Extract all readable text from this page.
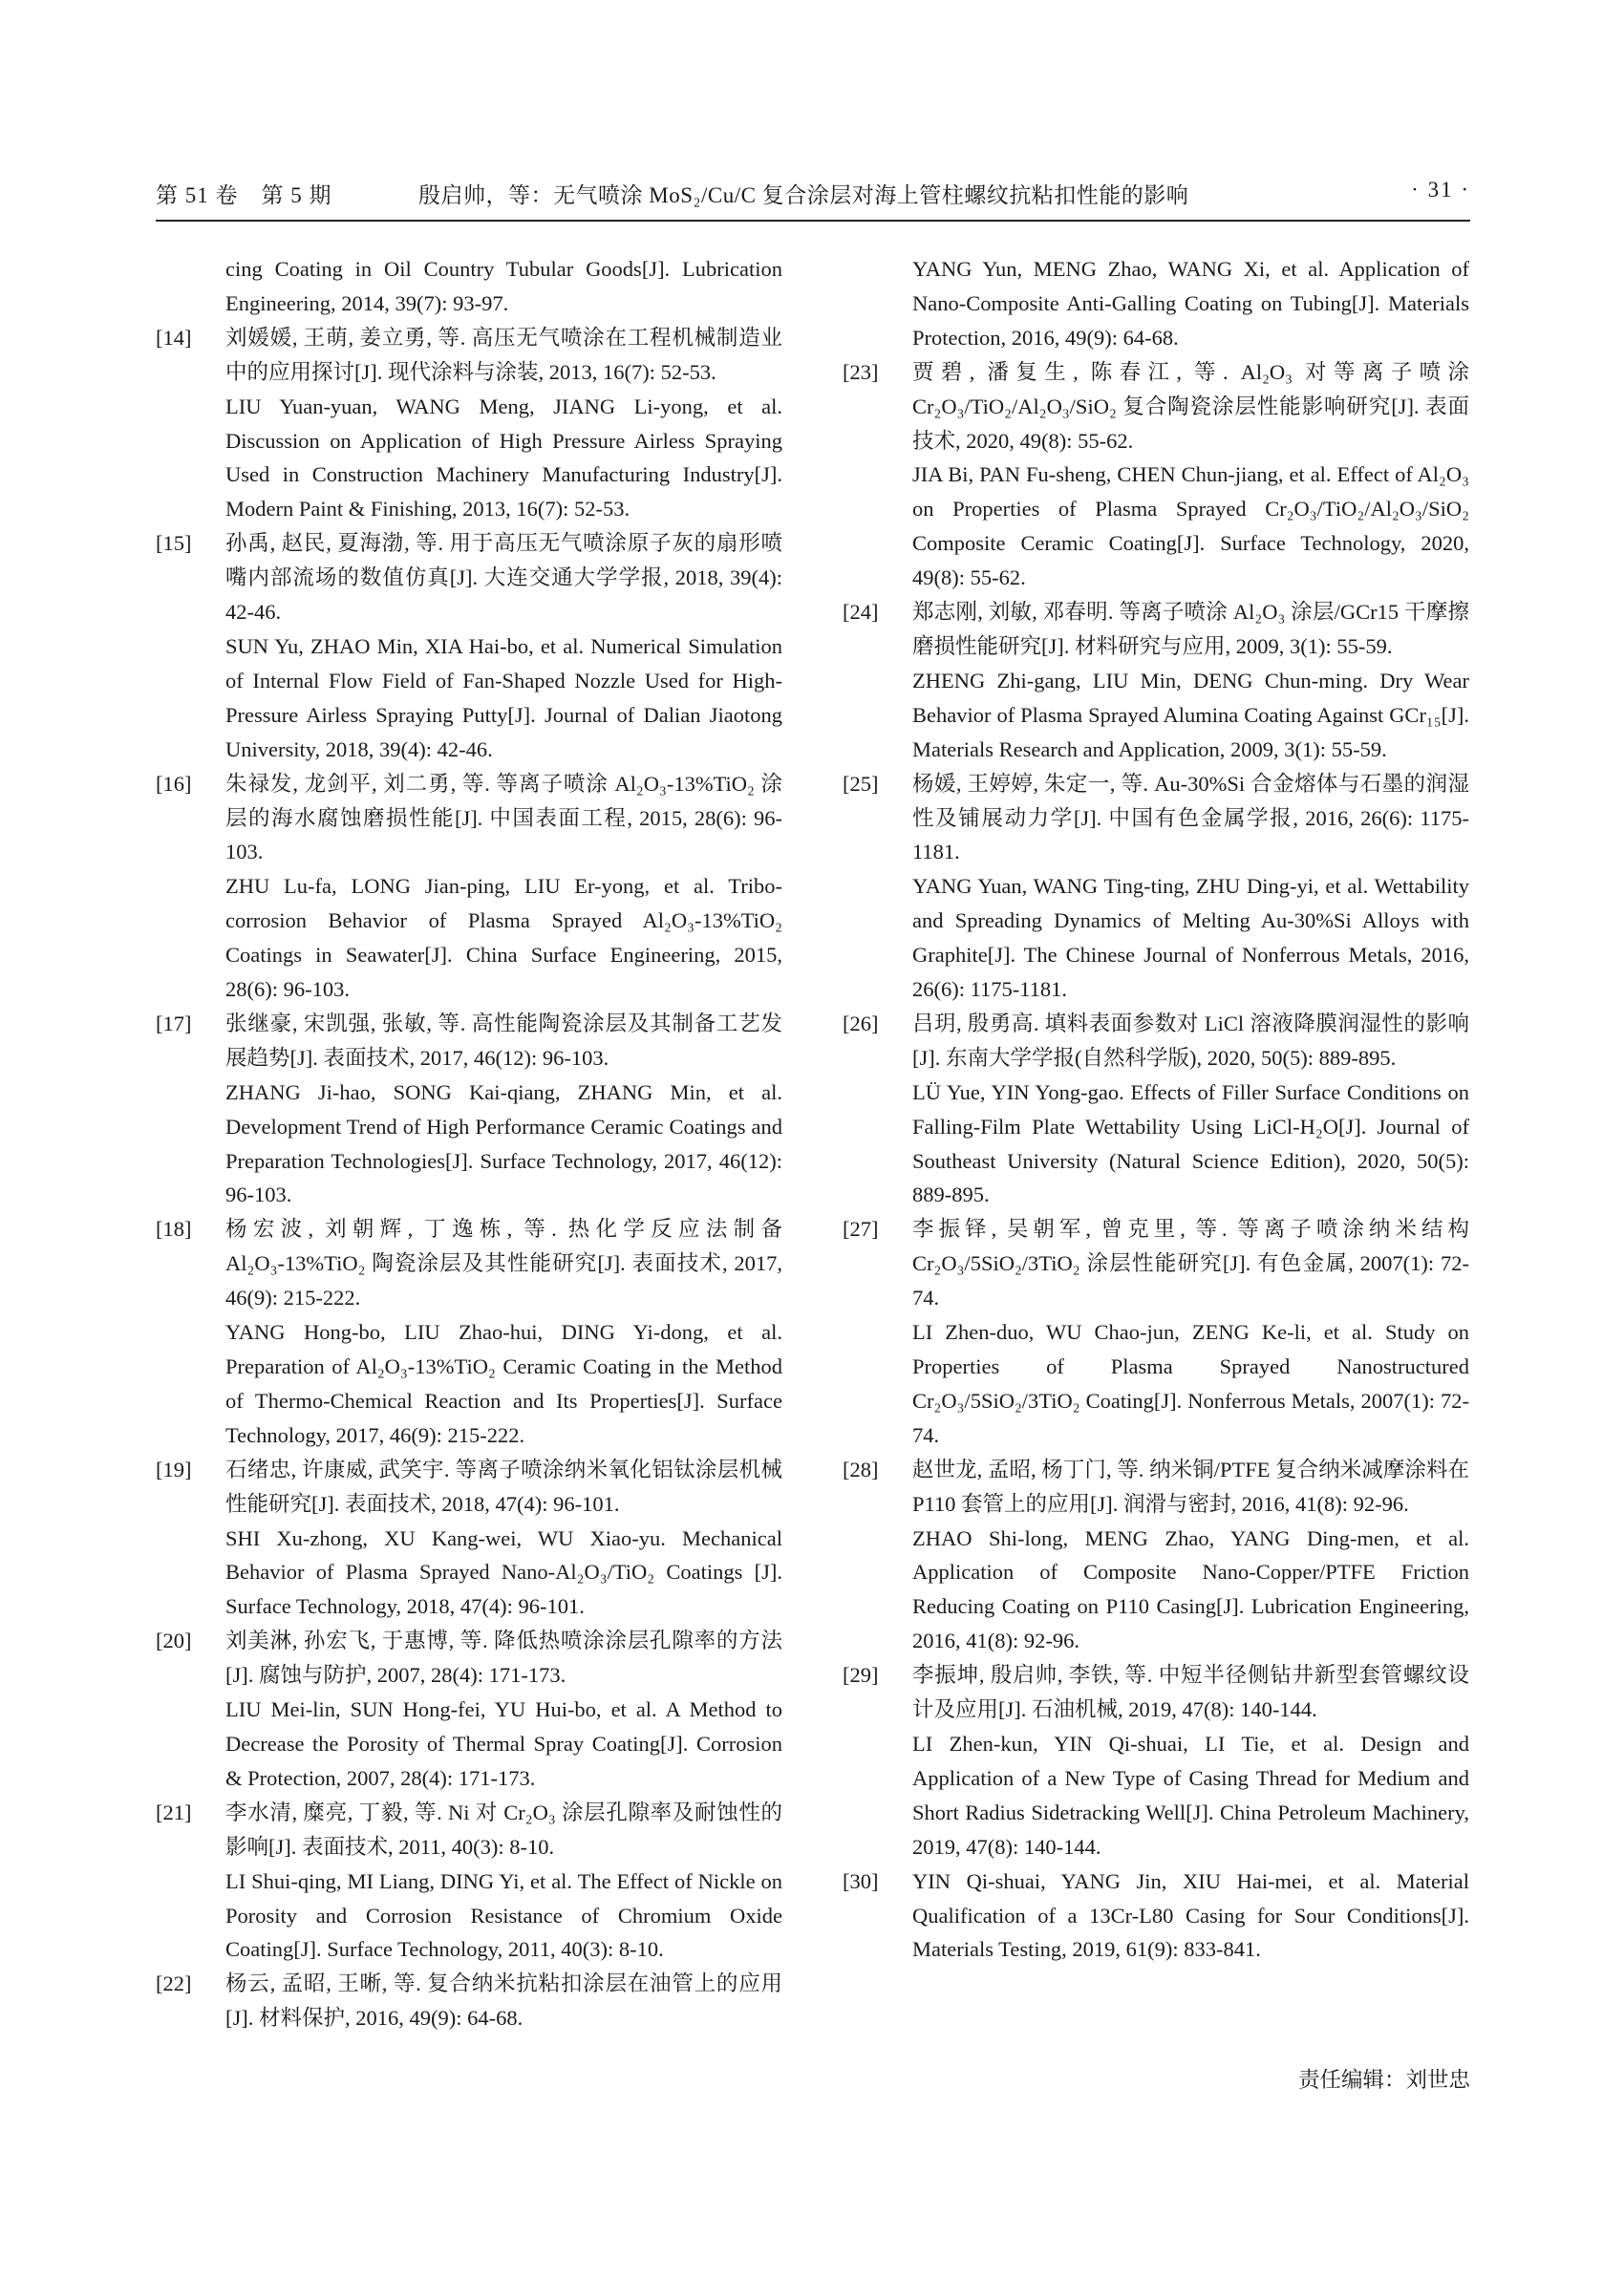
第 51 卷　第 5 期	殷启帅，等：无气喷涂 MoS₂/Cu/C 复合涂层对海上管柱螺纹抗粘扣性能的影响	· 31 ·

cing Coating in Oil Country Tubular Goods[J]. Lubrication Engineering, 2014, 39(7): 93-97.

[14] 刘媛媛, 王萌, 姜立勇, 等. 高压无气喷涂在工程机械制造业中的应用探讨[J]. 现代涂料与涂装, 2013, 16(7): 52-53.

LIU Yuan-yuan, WANG Meng, JIANG Li-yong, et al. Discussion on Application of High Pressure Airless Spraying Used in Construction Machinery Manufacturing Industry[J]. Modern Paint & Finishing, 2013, 16(7): 52-53.

[15] 孙禹, 赵民, 夏海渤, 等. 用于高压无气喷涂原子灰的扇形喷嘴内部流场的数值仿真[J]. 大连交通大学学报, 2018, 39(4): 42-46.

SUN Yu, ZHAO Min, XIA Hai-bo, et al. Numerical Simulation of Internal Flow Field of Fan-Shaped Nozzle Used for High-Pressure Airless Spraying Putty[J]. Journal of Dalian Jiaotong University, 2018, 39(4): 42-46.

[16] 朱禄发, 龙剑平, 刘二勇, 等. 等离子喷涂 Al₂O₃-13%TiO₂ 涂层的海水腐蚀磨损性能[J]. 中国表面工程, 2015, 28(6): 96-103.

ZHU Lu-fa, LONG Jian-ping, LIU Er-yong, et al. Tribo-corrosion Behavior of Plasma Sprayed Al₂O₃-13%TiO₂ Coatings in Seawater[J]. China Surface Engineering, 2015, 28(6): 96-103.

[17] 张继豪, 宋凯强, 张敏, 等. 高性能陶瓷涂层及其制备工艺发展趋势[J]. 表面技术, 2017, 46(12): 96-103.

ZHANG Ji-hao, SONG Kai-qiang, ZHANG Min, et al. Development Trend of High Performance Ceramic Coatings and Preparation Technologies[J]. Surface Technology, 2017, 46(12): 96-103.

[18] 杨宏波, 刘朝辉, 丁逸栋, 等. 热化学反应法制备 Al₂O₃-13%TiO₂ 陶瓷涂层及其性能研究[J]. 表面技术, 2017, 46(9): 215-222.

YANG Hong-bo, LIU Zhao-hui, DING Yi-dong, et al. Preparation of Al₂O₃-13%TiO₂ Ceramic Coating in the Method of Thermo-Chemical Reaction and Its Properties[J]. Surface Technology, 2017, 46(9): 215-222.

[19] 石绪忠, 许康威, 武笑宇. 等离子喷涂纳米氧化铝钛涂层机械性能研究[J]. 表面技术, 2018, 47(4): 96-101.

SHI Xu-zhong, XU Kang-wei, WU Xiao-yu. Mechanical Behavior of Plasma Sprayed Nano-Al₂O₃/TiO₂ Coatings [J]. Surface Technology, 2018, 47(4): 96-101.

[20] 刘美淋, 孙宏飞, 于惠博, 等. 降低热喷涂涂层孔隙率的方法[J]. 腐蚀与防护, 2007, 28(4): 171-173.

LIU Mei-lin, SUN Hong-fei, YU Hui-bo, et al. A Method to Decrease the Porosity of Thermal Spray Coating[J]. Corrosion & Protection, 2007, 28(4): 171-173.

[21] 李水清, 糜亮, 丁毅, 等. Ni 对 Cr₂O₃ 涂层孔隙率及耐蚀性的影响[J]. 表面技术, 2011, 40(3): 8-10.

LI Shui-qing, MI Liang, DING Yi, et al. The Effect of Nickle on Porosity and Corrosion Resistance of Chromium Oxide Coating[J]. Surface Technology, 2011, 40(3): 8-10.

[22] 杨云, 孟昭, 王晰, 等. 复合纳米抗粘扣涂层在油管上的应用[J]. 材料保护, 2016, 49(9): 64-68.

YANG Yun, MENG Zhao, WANG Xi, et al. Application of Nano-Composite Anti-Galling Coating on Tubing[J]. Materials Protection, 2016, 49(9): 64-68.

[23] 贾碧, 潘复生, 陈春江, 等. Al₂O₃ 对等离子喷涂 Cr₂O₃/TiO₂/Al₂O₃/SiO₂ 复合陶瓷涂层性能影响研究[J]. 表面技术, 2020, 49(8): 55-62.

JIA Bi, PAN Fu-sheng, CHEN Chun-jiang, et al. Effect of Al₂O₃ on Properties of Plasma Sprayed Cr₂O₃/TiO₂/Al₂O₃/SiO₂ Composite Ceramic Coating[J]. Surface Technology, 2020, 49(8): 55-62.

[24] 郑志刚, 刘敏, 邓春明. 等离子喷涂 Al₂O₃ 涂层/GCr15 干摩擦磨损性能研究[J]. 材料研究与应用, 2009, 3(1): 55-59.

ZHENG Zhi-gang, LIU Min, DENG Chun-ming. Dry Wear Behavior of Plasma Sprayed Alumina Coating Against GCr₁₅[J]. Materials Research and Application, 2009, 3(1): 55-59.

[25] 杨媛, 王婷婷, 朱定一, 等. Au-30%Si 合金熔体与石墨的润湿性及铺展动力学[J]. 中国有色金属学报, 2016, 26(6): 1175-1181.

YANG Yuan, WANG Ting-ting, ZHU Ding-yi, et al. Wettability and Spreading Dynamics of Melting Au-30%Si Alloys with Graphite[J]. The Chinese Journal of Nonferrous Metals, 2016, 26(6): 1175-1181.

[26] 吕玥, 殷勇高. 填料表面参数对 LiCl 溶液降膜润湿性的影响[J]. 东南大学学报(自然科学版), 2020, 50(5): 889-895.

LÜ Yue, YIN Yong-gao. Effects of Filler Surface Conditions on Falling-Film Plate Wettability Using LiCl-H₂O[J]. Journal of Southeast University (Natural Science Edition), 2020, 50(5): 889-895.

[27] 李振铎, 吴朝军, 曾克里, 等. 等离子喷涂纳米结构 Cr₂O₃/5SiO₂/3TiO₂ 涂层性能研究[J]. 有色金属, 2007(1): 72-74.

LI Zhen-duo, WU Chao-jun, ZENG Ke-li, et al. Study on Properties of Plasma Sprayed Nanostructured Cr₂O₃/5SiO₂/3TiO₂ Coating[J]. Nonferrous Metals, 2007(1): 72-74.

[28] 赵世龙, 孟昭, 杨丁门, 等. 纳米铜/PTFE 复合纳米减摩涂料在 P110 套管上的应用[J]. 润滑与密封, 2016, 41(8): 92-96.

ZHAO Shi-long, MENG Zhao, YANG Ding-men, et al. Application of Composite Nano-Copper/PTFE Friction Reducing Coating on P110 Casing[J]. Lubrication Engineering, 2016, 41(8): 92-96.

[29] 李振坤, 殷启帅, 李铁, 等. 中短半径侧钻井新型套管螺纹设计及应用[J]. 石油机械, 2019, 47(8): 140-144.

LI Zhen-kun, YIN Qi-shuai, LI Tie, et al. Design and Application of a New Type of Casing Thread for Medium and Short Radius Sidetracking Well[J]. China Petroleum Machinery, 2019, 47(8): 140-144.

[30] YIN Qi-shuai, YANG Jin, XIU Hai-mei, et al. Material Qualification of a 13Cr-L80 Casing for Sour Conditions[J]. Materials Testing, 2019, 61(9): 833-841.

责任编辑：刘世忠
